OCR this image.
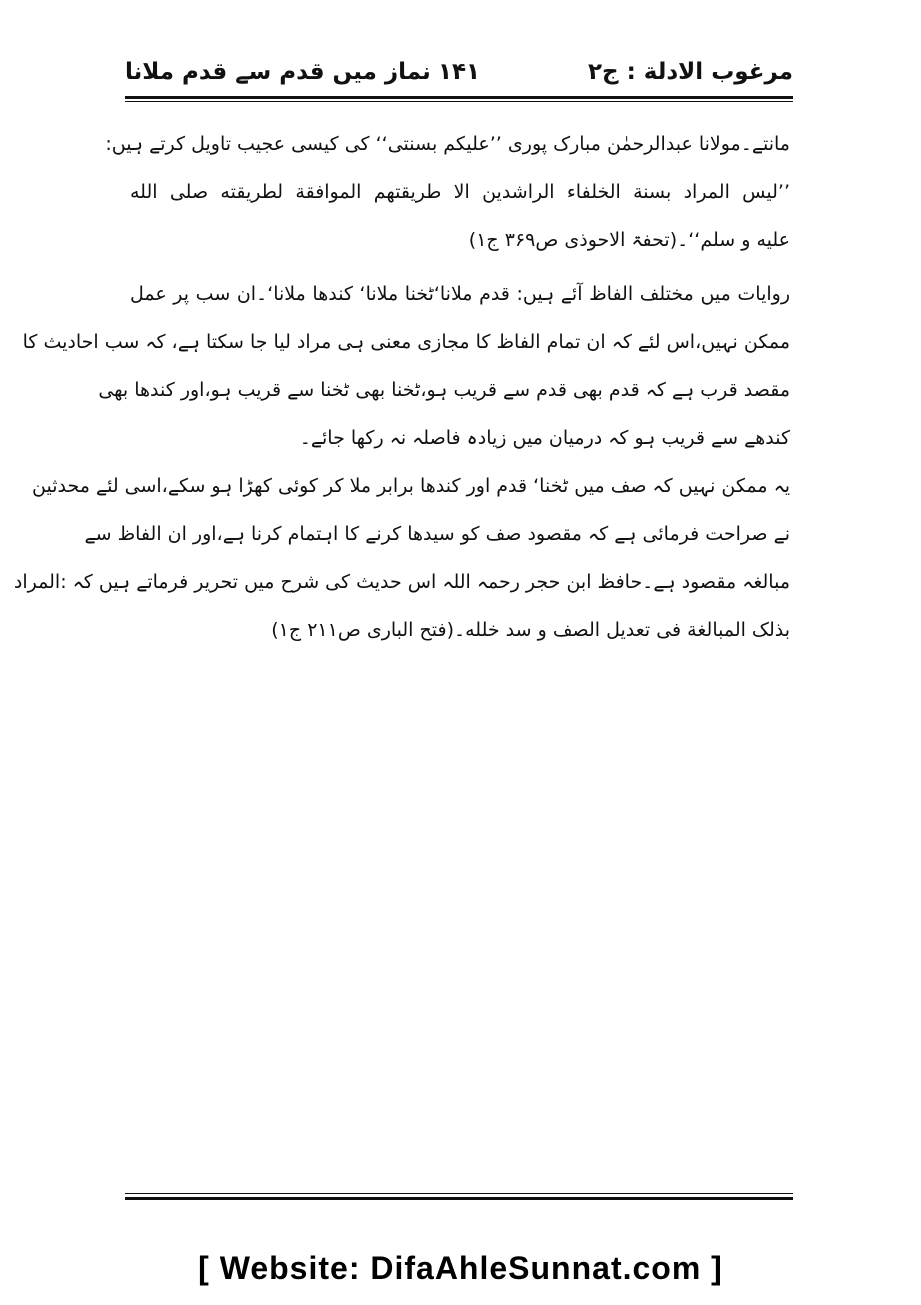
نماز میں قدم سے قدم ملانا ۱۴۱	مرغوب الادلة : ج۲
مانتے۔مولانا عبدالرحمٰن مبارک پوری ’’علیکم بسنتی‘‘ کی کیسی عجیب تاویل کرتے ہیں:
’’لیس المراد بسنة الخلفاء الراشدین الا طریقتهم الموافقة لطریقته صلی الله
علیه و سلم‘‘۔(تحفۃ الاحوذی ص۳۶۹ ج۱)
روایات میں مختلف الفاظ آئے ہیں: قدم ملانا‘ٹخنا ملانا‘ کندھا ملانا‘۔ان سب پر عمل
ممکن نہیں،اس لئے کہ ان تمام الفاظ کا مجازی معنی ہی مراد لیا جا سکتا ہے، کہ سب احادیث کا
مقصد قرب ہے کہ قدم بھی قدم سے قریب ہو،ٹخنا بھی ٹخنا سے قریب ہو،اور کندھا بھی
کندھے سے قریب ہو کہ درمیان میں زیادہ فاصلہ نہ رکھا جائے۔
یہ ممکن نہیں کہ صف میں ٹخنا‘ قدم اور کندھا برابر ملا کر کوئی کھڑا ہو سکے،اسی لئے محدثین
نے صراحت فرمائی ہے کہ مقصود صف کو سیدھا کرنے کا اہتمام کرنا ہے،اور ان الفاظ سے
مبالغہ مقصود ہے۔حافظ ابن حجر رحمہ اللہ اس حدیث کی شرح میں تحریر فرماتے ہیں کہ :المراد
بذلک المبالغة فی تعدیل الصف و سد خلله۔(فتح الباری ص۲۱۱ ج۱)
[ Website: DifaAhleSunnat.com ]
